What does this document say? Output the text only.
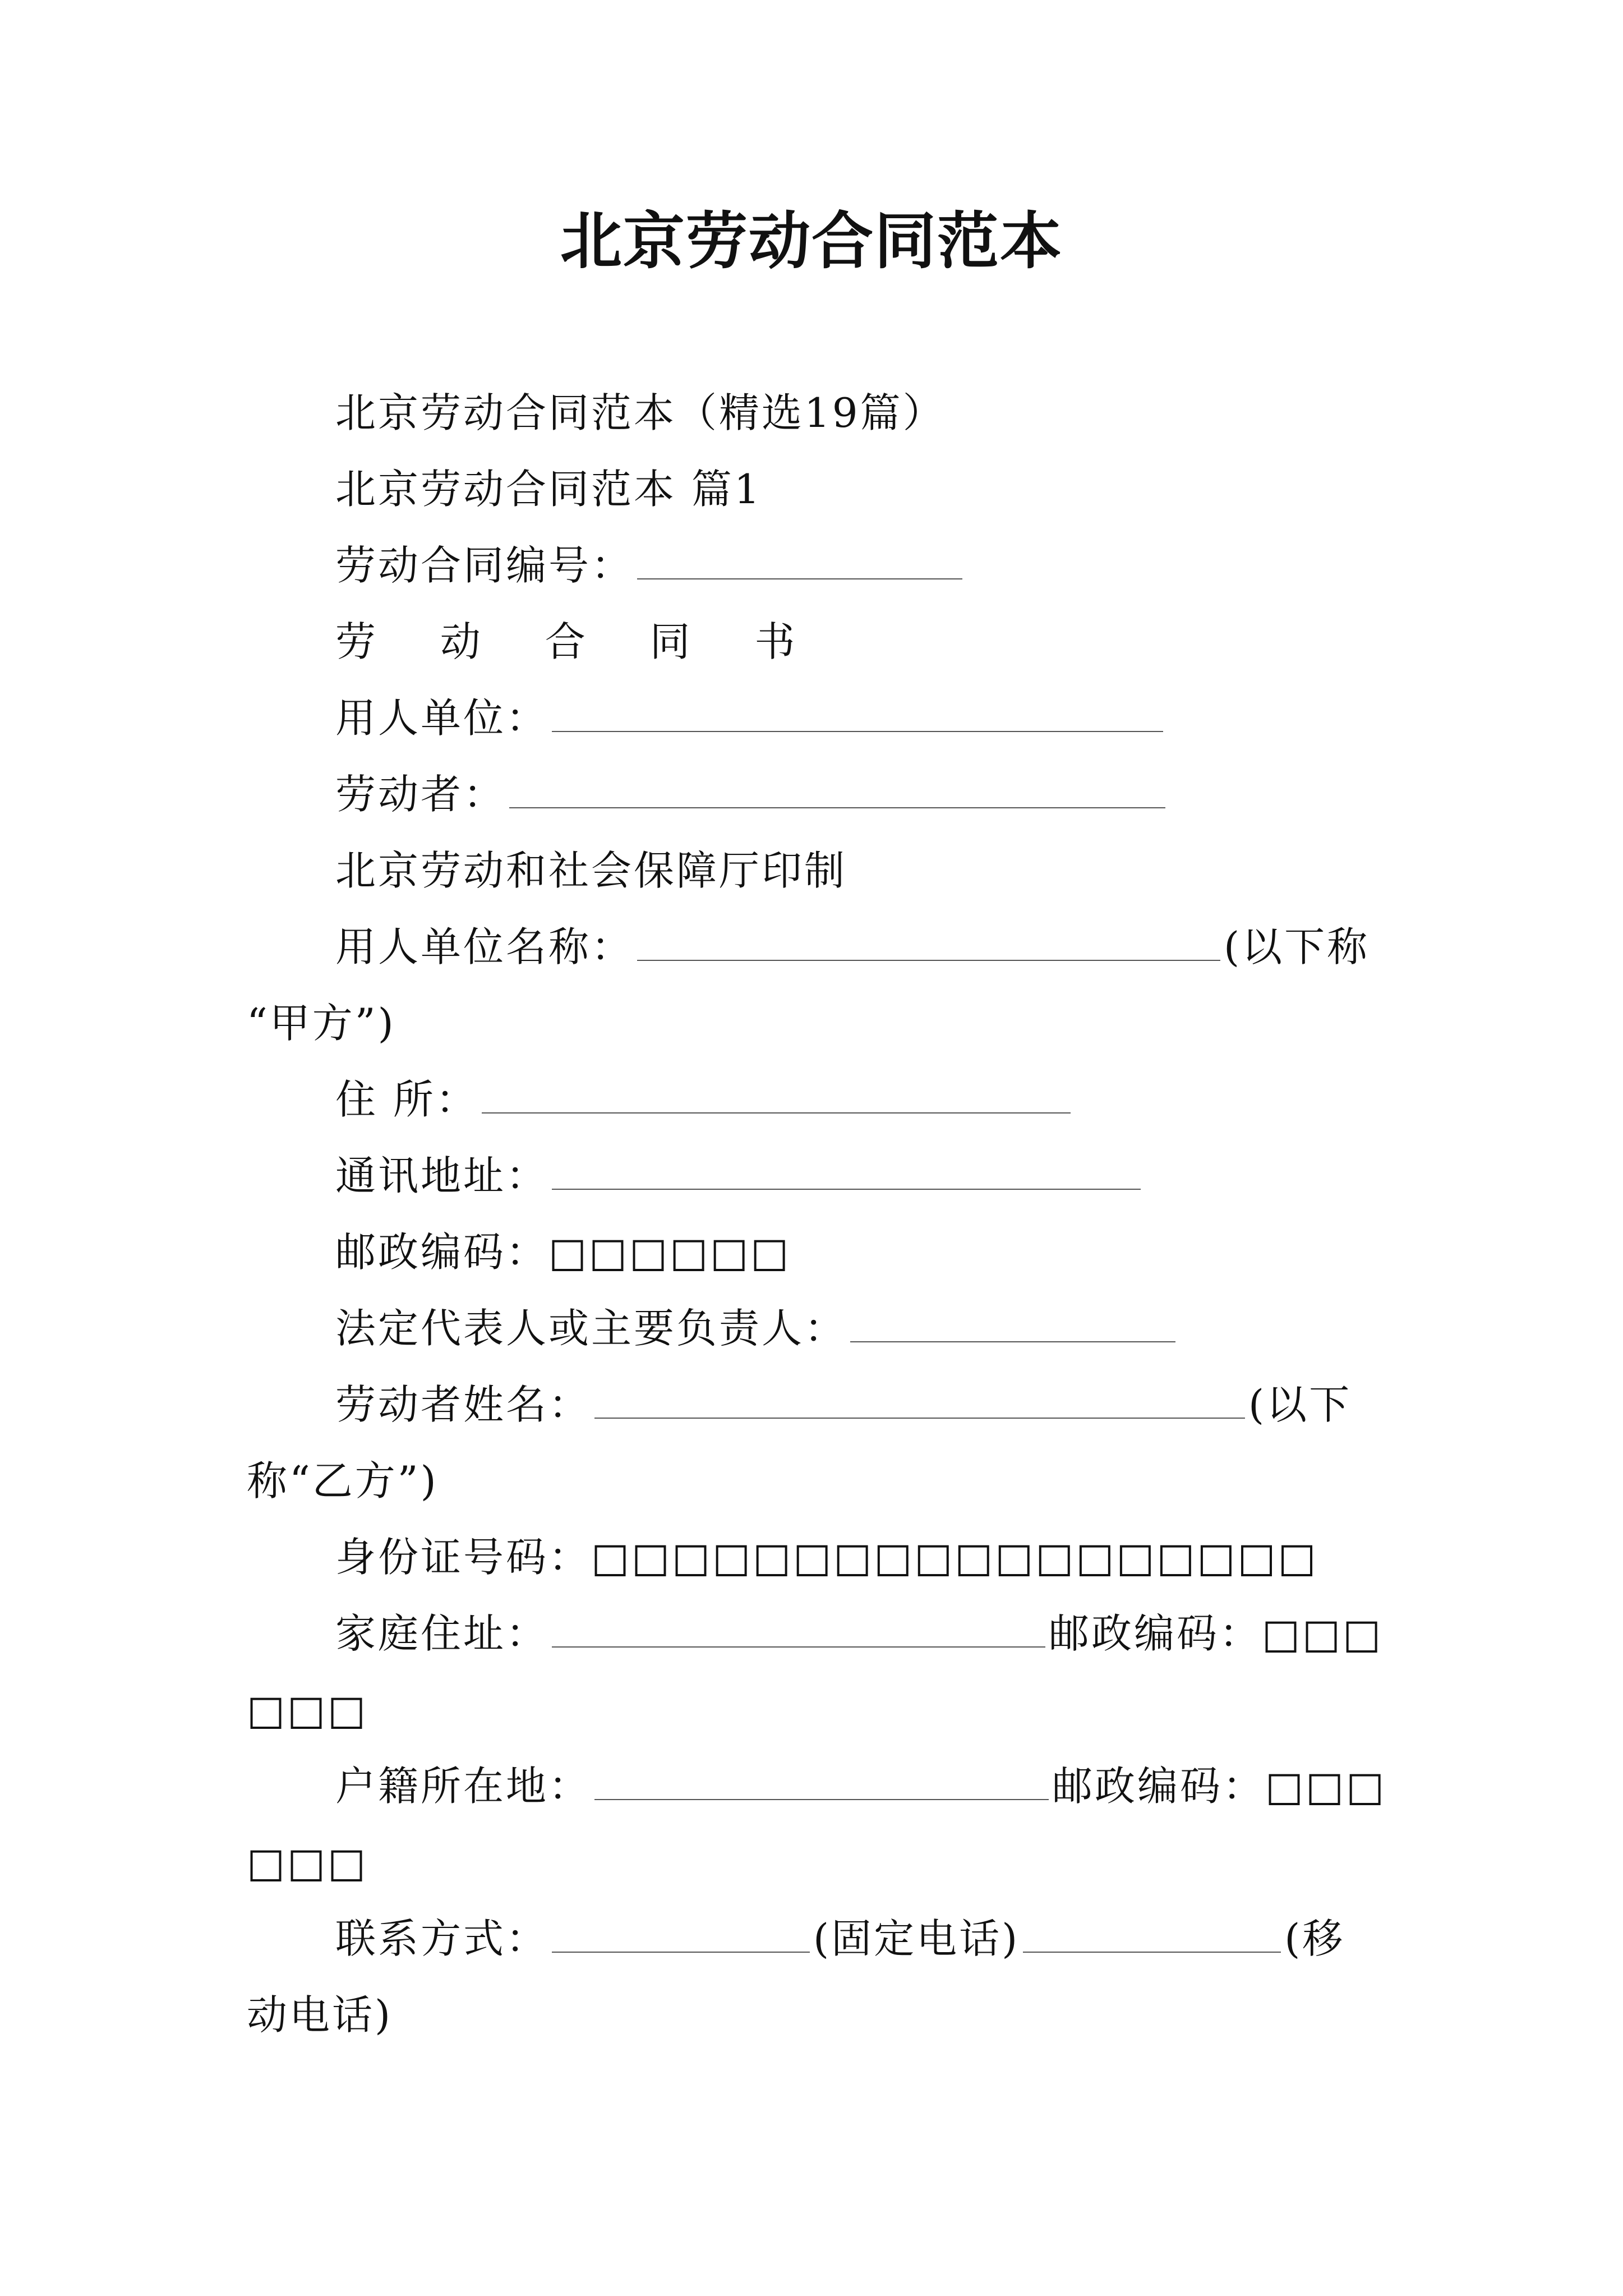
北京劳动合同范本
北京劳动合同范本（精选19篇）
北京劳动合同范本 篇1
劳动合同编号：
劳 动 合 同 书
用人单位：
劳动者：
北京劳动和社会保障厅印制
用人单位名称：	(以下称
“甲方”)
住 所：
通讯地址：
邮政编码：□□□□□□
法定代表人或主要负责人：
劳动者姓名：	(以下
称“乙方”)
身份证号码：□□□□□□□□□□□□□□□□□□
家庭住址：	邮政编码：□□□
□□□
户籍所在地：	邮政编码：□□□
□□□
联系方式：	(固定电话)	(移
动电话)
